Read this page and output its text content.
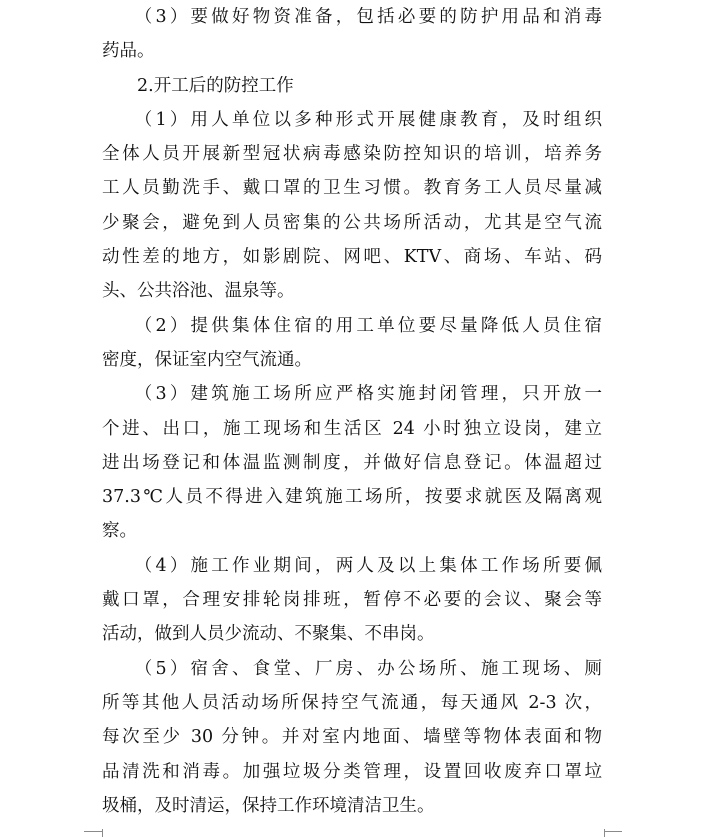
　　（3）要做好物资准备，包括必要的防护用品和消毒
药品。
　　2.开工后的防控工作
　　（1）用人单位以多种形式开展健康教育，及时组织
全体人员开展新型冠状病毒感染防控知识的培训，培养务
工人员勤洗手、戴口罩的卫生习惯。教育务工人员尽量减
少聚会，避免到人员密集的公共场所活动，尤其是空气流
动性差的地方，如影剧院、网吧、KTV、商场、车站、码
头、公共浴池、温泉等。
　　（2）提供集体住宿的用工单位要尽量降低人员住宿
密度，保证室内空气流通。
　　（3）建筑施工场所应严格实施封闭管理，只开放一
个进、出口，施工现场和生活区 24 小时独立设岗，建立
进出场登记和体温监测制度，并做好信息登记。体温超过
37.3℃人员不得进入建筑施工场所，按要求就医及隔离观
察。
　　（4）施工作业期间，两人及以上集体工作场所要佩
戴口罩，合理安排轮岗排班，暂停不必要的会议、聚会等
活动，做到人员少流动、不聚集、不串岗。
　　（5）宿舍、食堂、厂房、办公场所、施工现场、厕
所等其他人员活动场所保持空气流通，每天通风 2-3 次，
每次至少 30 分钟。并对室内地面、墙壁等物体表面和物
品清洗和消毒。加强垃圾分类管理，设置回收废弃口罩垃
圾桶，及时清运，保持工作环境清洁卫生。
